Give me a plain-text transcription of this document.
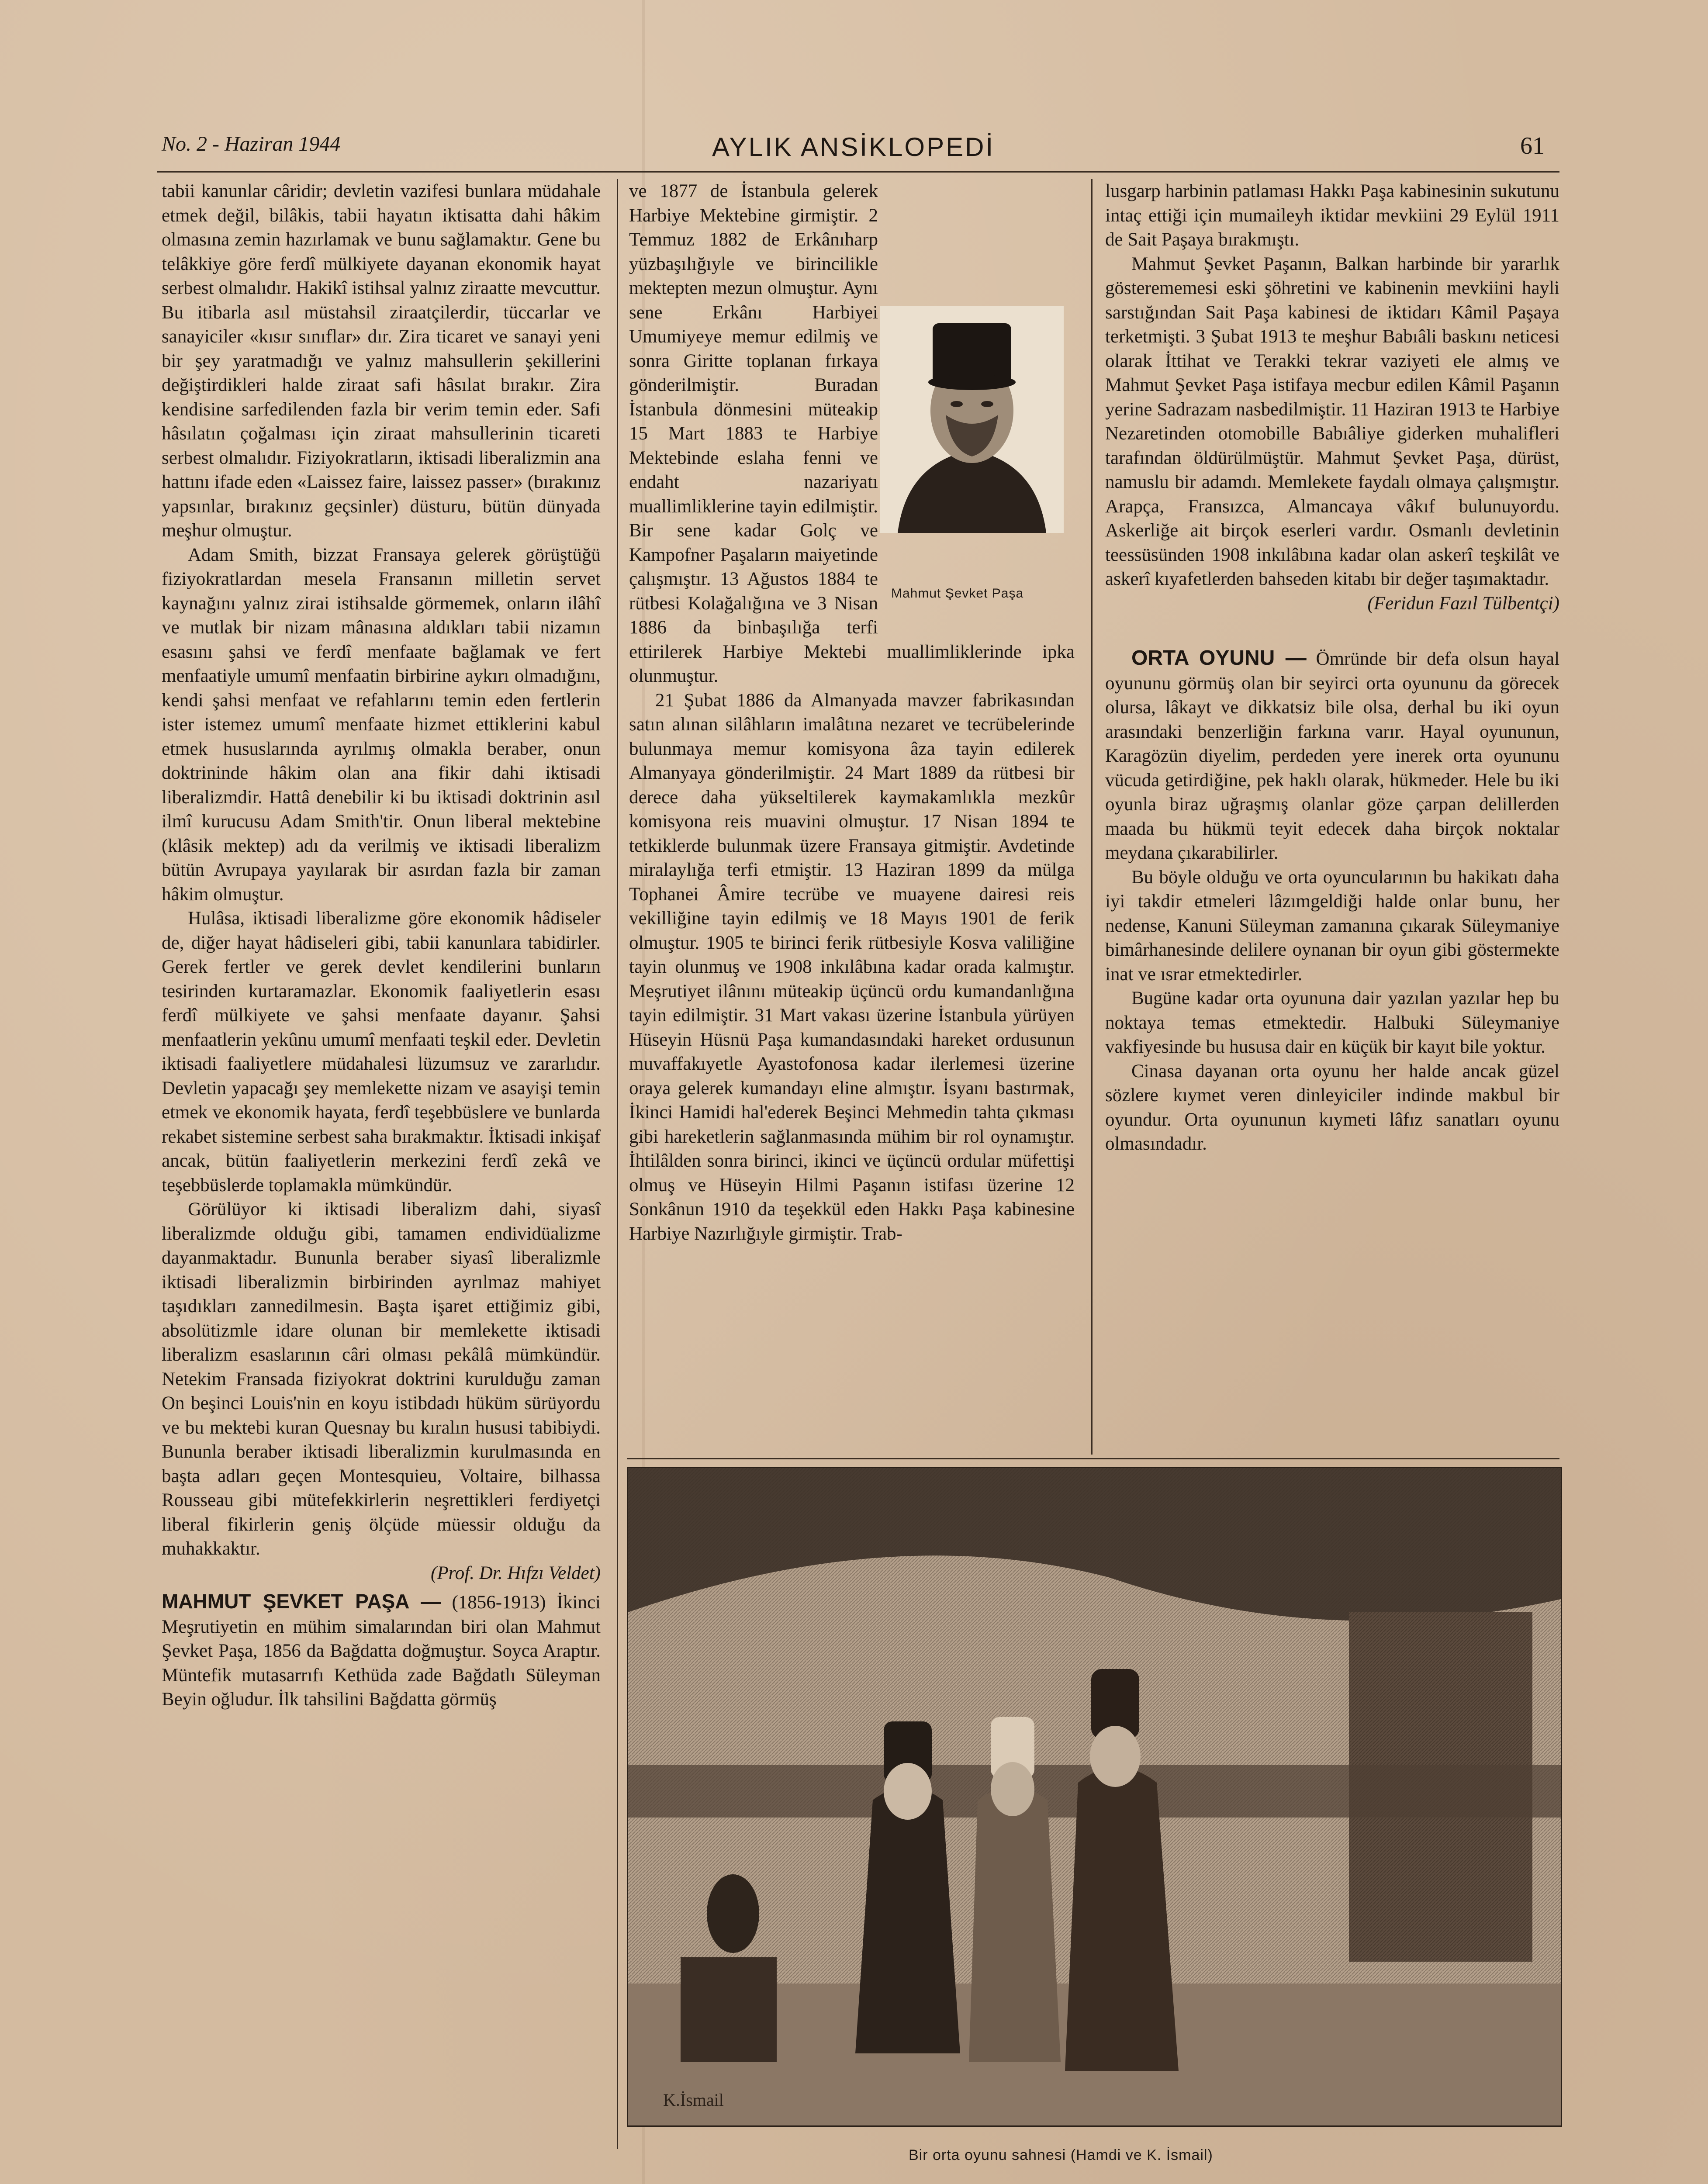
No. 2 - Haziran 1944	AYLIK ANSİKLOPEDİ	61

tabii kanunlar câridir; devletin vazifesi bunlara müdahale etmek değil, bilâkis, tabii hayatın iktisatta dahi hâkim olmasına zemin hazırlamak ve bunu sağlamaktır. Gene bu telâkkiye göre ferdî mülkiyete dayanan ekonomik hayat serbest olmalıdır. Hakikî istihsal yalnız ziraatte mevcuttur. Bu itibarla asıl müstahsil ziraatçilerdir, tüccarlar ve sanayiciler «kısır sınıflar» dır. Zira ticaret ve sanayi yeni bir şey yaratmadığı ve yalnız mahsullerin şekillerini değiştirdikleri halde ziraat safi hâsılat bırakır. Zira kendisine sarfedilenden fazla bir verim temin eder. Safi hâsılatın çoğalması için ziraat mahsullerinin ticareti serbest olmalıdır. Fiziyokratların, iktisadi liberalizmin ana hattını ifade eden «Laissez faire, laissez passer» (bırakınız yapsınlar, bırakınız geçsinler) düsturu, bütün dünyada meşhur olmuştur.

Adam Smith, bizzat Fransaya gelerek görüştüğü fiziyokratlardan mesela Fransanın milletin servet kaynağını yalnız zirai istihsalde görmemek, onların ilâhî ve mutlak bir nizam mânasına aldıkları tabii nizamın esasını şahsi ve ferdî menfaate bağlamak ve fert menfaatiyle umumî menfaatin birbirine aykırı olmadığını, kendi şahsi menfaat ve refahlarını temin eden fertlerin ister istemez umumî menfaate hizmet ettiklerini kabul etmek hususlarında ayrılmış olmakla beraber, onun doktrininde hâkim olan ana fikir dahi iktisadi liberalizmdir. Hattâ denebilir ki bu iktisadi doktrinin asıl ilmî kurucusu Adam Smith'tir. Onun liberal mektebine (klâsik mektep) adı da verilmiş ve iktisadi liberalizm bütün Avrupaya yayılarak bir asırdan fazla bir zaman hâkim olmuştur.

Hulâsa, iktisadi liberalizme göre ekonomik hâdiseler de, diğer hayat hâdiseleri gibi, tabii kanunlara tabidirler. Gerek fertler ve gerek devlet kendilerini bunların tesirinden kurtaramazlar. Ekonomik faaliyetlerin esası ferdî mülkiyete ve şahsi menfaate dayanır. Şahsi menfaatlerin yekûnu umumî menfaati teşkil eder. Devletin iktisadi faaliyetlere müdahalesi lüzumsuz ve zararlıdır. Devletin yapacağı şey memlekette nizam ve asayişi temin etmek ve ekonomik hayata, ferdî teşebbüslere ve bunlarda rekabet sistemine serbest saha bırakmaktır. İktisadi inkişaf ancak, bütün faaliyetlerin merkezini ferdî zekâ ve teşebbüslerde toplamakla mümkündür.

Görülüyor ki iktisadi liberalizm dahi, siyasî liberalizmde olduğu gibi, tamamen endividüalizme dayanmaktadır. Bununla beraber siyasî liberalizmle iktisadi liberalizmin birbirinden ayrılmaz mahiyet taşıdıkları zannedilmesin. Başta işaret ettiğimiz gibi, absolütizmle idare olunan bir memlekette iktisadi liberalizm esaslarının câri olması pekâlâ mümkündür. Netekim Fransada fiziyokrat doktrini kurulduğu zaman On beşinci Louis'nin en koyu istibdadı hüküm sürüyordu ve bu mektebi kuran Quesnay bu kıralın hususi tabibiydi. Bununla beraber iktisadi liberalizmin kurulmasında en başta adları geçen Montesquieu, Voltaire, bilhassa Rousseau gibi mütefekkirlerin neşrettikleri ferdiyetçi liberal fikirlerin geniş ölçüde müessir olduğu da muhakkaktır.

(Prof. Dr. Hıfzı Veldet)

MAHMUT ŞEVKET PAŞA — (1856-1913) İkinci Meşrutiyetin en mühim simalarından biri olan Mahmut Şevket Paşa, 1856 da Bağdatta doğmuştur. Soyca Araptır. Müntefik mutasarrıfı Kethüda zade Bağdatlı Süleyman Beyin oğludur. İlk tahsilini Bağdatta görmüş

ve 1877 de İstanbula gelerek Harbiye Mektebine girmiştir. 2 Temmuz 1882 de Erkânıharp yüzbaşılığıyle ve birincilikle mektepten mezun olmuştur. Aynı sene Erkânı Harbiyei Umumiyeye memur edilmiş ve sonra Giritte toplanan fırkaya gönderilmiştir. Buradan İstanbula dönmesini müteakip 15 Mart 1883 te Harbiye Mektebinde eslaha fenni ve endaht nazariyatı muallimliklerine tayin edilmiştir. Bir sene kadar Golç ve Kampofner Paşaların maiyetinde çalışmıştır. 13 Ağustos 1884 te rütbesi Kolağalığına ve 3 Nisan 1886 da binbaşılığa terfi ettirilerek Harbiye Mektebi muallimliklerinde ipka olunmuştur.

21 Şubat 1886 da Almanyada mavzer fabrikasından satın alınan silâhların imalâtına nezaret ve tecrübelerinde bulunmaya memur komisyona âza tayin edilerek Almanyaya gönderilmiştir. 24 Mart 1889 da rütbesi bir derece daha yükseltilerek kaymakamlıkla mezkûr komisyona reis muavini olmuştur. 17 Nisan 1894 te tetkiklerde bulunmak üzere Fransaya gitmiştir. Avdetinde miralaylığa terfi etmiştir. 13 Haziran 1899 da mülga Tophanei Âmire tecrübe ve muayene dairesi reis vekilliğine tayin edilmiş ve 18 Mayıs 1901 de ferik olmuştur. 1905 te birinci ferik rütbesiyle Kosva valiliğine tayin olunmuş ve 1908 inkılâbına kadar orada kalmıştır. Meşrutiyet ilânını müteakip üçüncü ordu kumandanlığına tayin edilmiştir. 31 Mart vakası üzerine İstanbula yürüyen Hüseyin Hüsnü Paşa kumandasındaki hareket ordusunun muvaffakıyetle Ayastofonosa kadar ilerlemesi üzerine oraya gelerek kumandayı eline almıştır. İsyanı bastırmak, İkinci Hamidi hal'ederek Beşinci Mehmedin tahta çıkması gibi hareketlerin sağlanmasında mühim bir rol oynamıştır. İhtilâlden sonra birinci, ikinci ve üçüncü ordular müfettişi olmuş ve Hüseyin Hilmi Paşanın istifası üzerine 12 Sonkânun 1910 da teşekkül eden Hakkı Paşa kabinesine Harbiye Nazırlığıyle girmiştir. Trab-

Mahmut Şevket Paşa

lusgarp harbinin patlaması Hakkı Paşa kabinesinin sukutunu intaç ettiği için mumaileyh iktidar mevkiini 29 Eylül 1911 de Sait Paşaya bırakmıştı.

Mahmut Şevket Paşanın, Balkan harbinde bir yararlık gösterememesi eski şöhretini ve kabinenin mevkiini hayli sarstığından Sait Paşa kabinesi de iktidarı Kâmil Paşaya terketmişti. 3 Şubat 1913 te meşhur Babıâli baskını neticesi olarak İttihat ve Terakki tekrar vaziyeti ele almış ve Mahmut Şevket Paşa istifaya mecbur edilen Kâmil Paşanın yerine Sadrazam nasbedilmiştir. 11 Haziran 1913 te Harbiye Nezaretinden otomobille Babıâliye giderken muhalifleri tarafından öldürülmüştür. Mahmut Şevket Paşa, dürüst, namuslu bir adamdı. Memlekete faydalı olmaya çalışmıştır. Arapça, Fransızca, Almancaya vâkıf bulunuyordu. Askerliğe ait birçok eserleri vardır. Osmanlı devletinin teessüsünden 1908 inkılâbına kadar olan askerî teşkilât ve askerî kıyafetlerden bahseden kitabı bir değer taşımaktadır.

(Feridun Fazıl Tülbentçi)

ORTA OYUNU — Ömründe bir defa olsun hayal oyununu görmüş olan bir seyirci orta oyununu da görecek olursa, lâkayt ve dikkatsiz bile olsa, derhal bu iki oyun arasındaki benzerliğin farkına varır. Hayal oyununun, Karagözün diyelim, perdeden yere inerek orta oyununu vücuda getirdiğine, pek haklı olarak, hükmeder. Hele bu iki oyunla biraz uğraşmış olanlar göze çarpan delillerden maada bu hükmü teyit edecek daha birçok noktalar meydana çıkarabilirler.

Bu böyle olduğu ve orta oyuncularının bu hakikatı daha iyi takdir etmeleri lâzımgeldiği halde onlar bunu, her nedense, Kanuni Süleyman zamanına çıkarak Süleymaniye bimârhanesinde delilere oynanan bir oyun gibi göstermekte inat ve ısrar etmektedirler.

Bugüne kadar orta oyununa dair yazılan yazılar hep bu noktaya temas etmektedir. Halbuki Süleymaniye vakfiyesinde bu hususa dair en küçük bir kayıt bile yoktur.

Cinasa dayanan orta oyunu her halde ancak güzel sözlere kıymet veren dinleyiciler indinde makbul bir oyundur. Orta oyununun kıymeti lâfız sanatları oyunu olmasındadır.

K.İsmail
Bir orta oyunu sahnesi (Hamdi ve K. İsmail)
